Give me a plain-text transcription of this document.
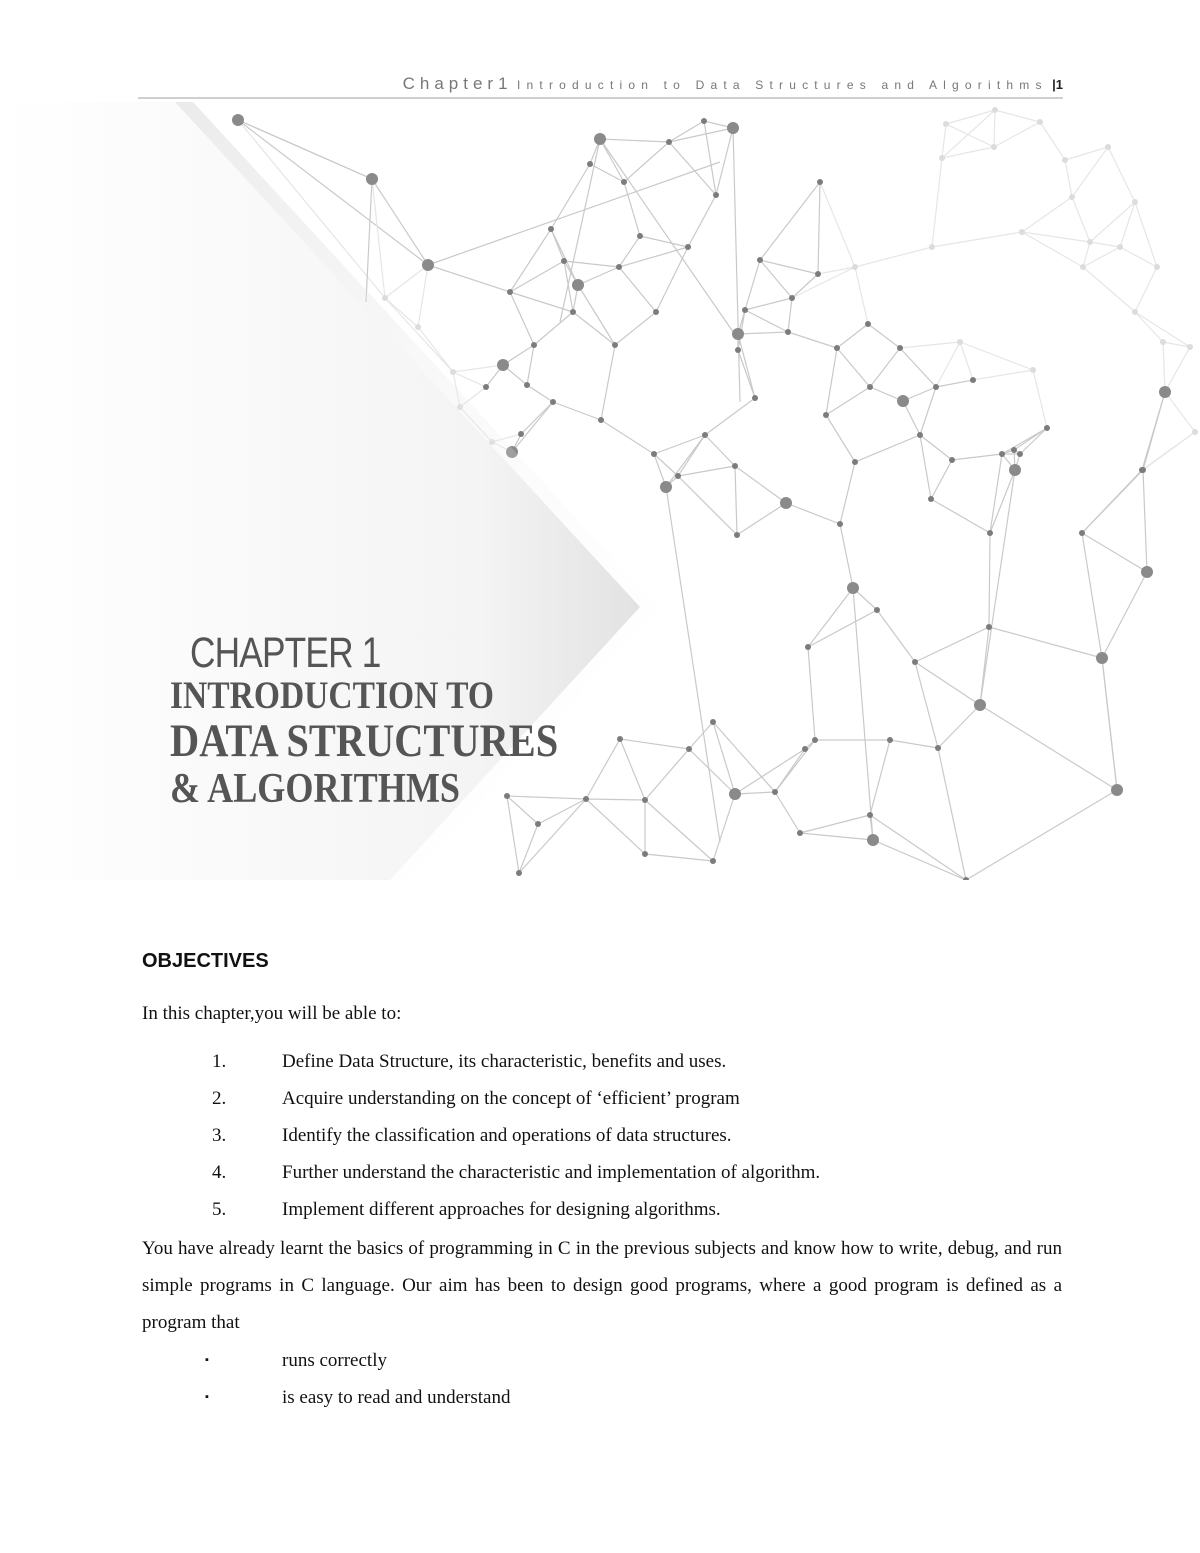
Chapter1 Introduction to Data Structures and Algorithms |1
CHAPTER 1
INTRODUCTION TO
DATA STRUCTURES
& ALGORITHMS
OBJECTIVES
In this chapter,you will be able to:
1.	Define Data Structure, its characteristic, benefits and uses.
2.	Acquire understanding on the concept of ‘efficient’ program
3.	Identify the classification and operations of data structures.
4.	Further understand the characteristic and implementation of algorithm.
5.	Implement different approaches for designing algorithms.
You have already learnt the basics of programming in C in the previous subjects and know how to write, debug, and run simple programs in C language. Our aim has been to design good programs, where a good program is defined as a program that
▪	runs correctly
▪	is easy to read and understand
